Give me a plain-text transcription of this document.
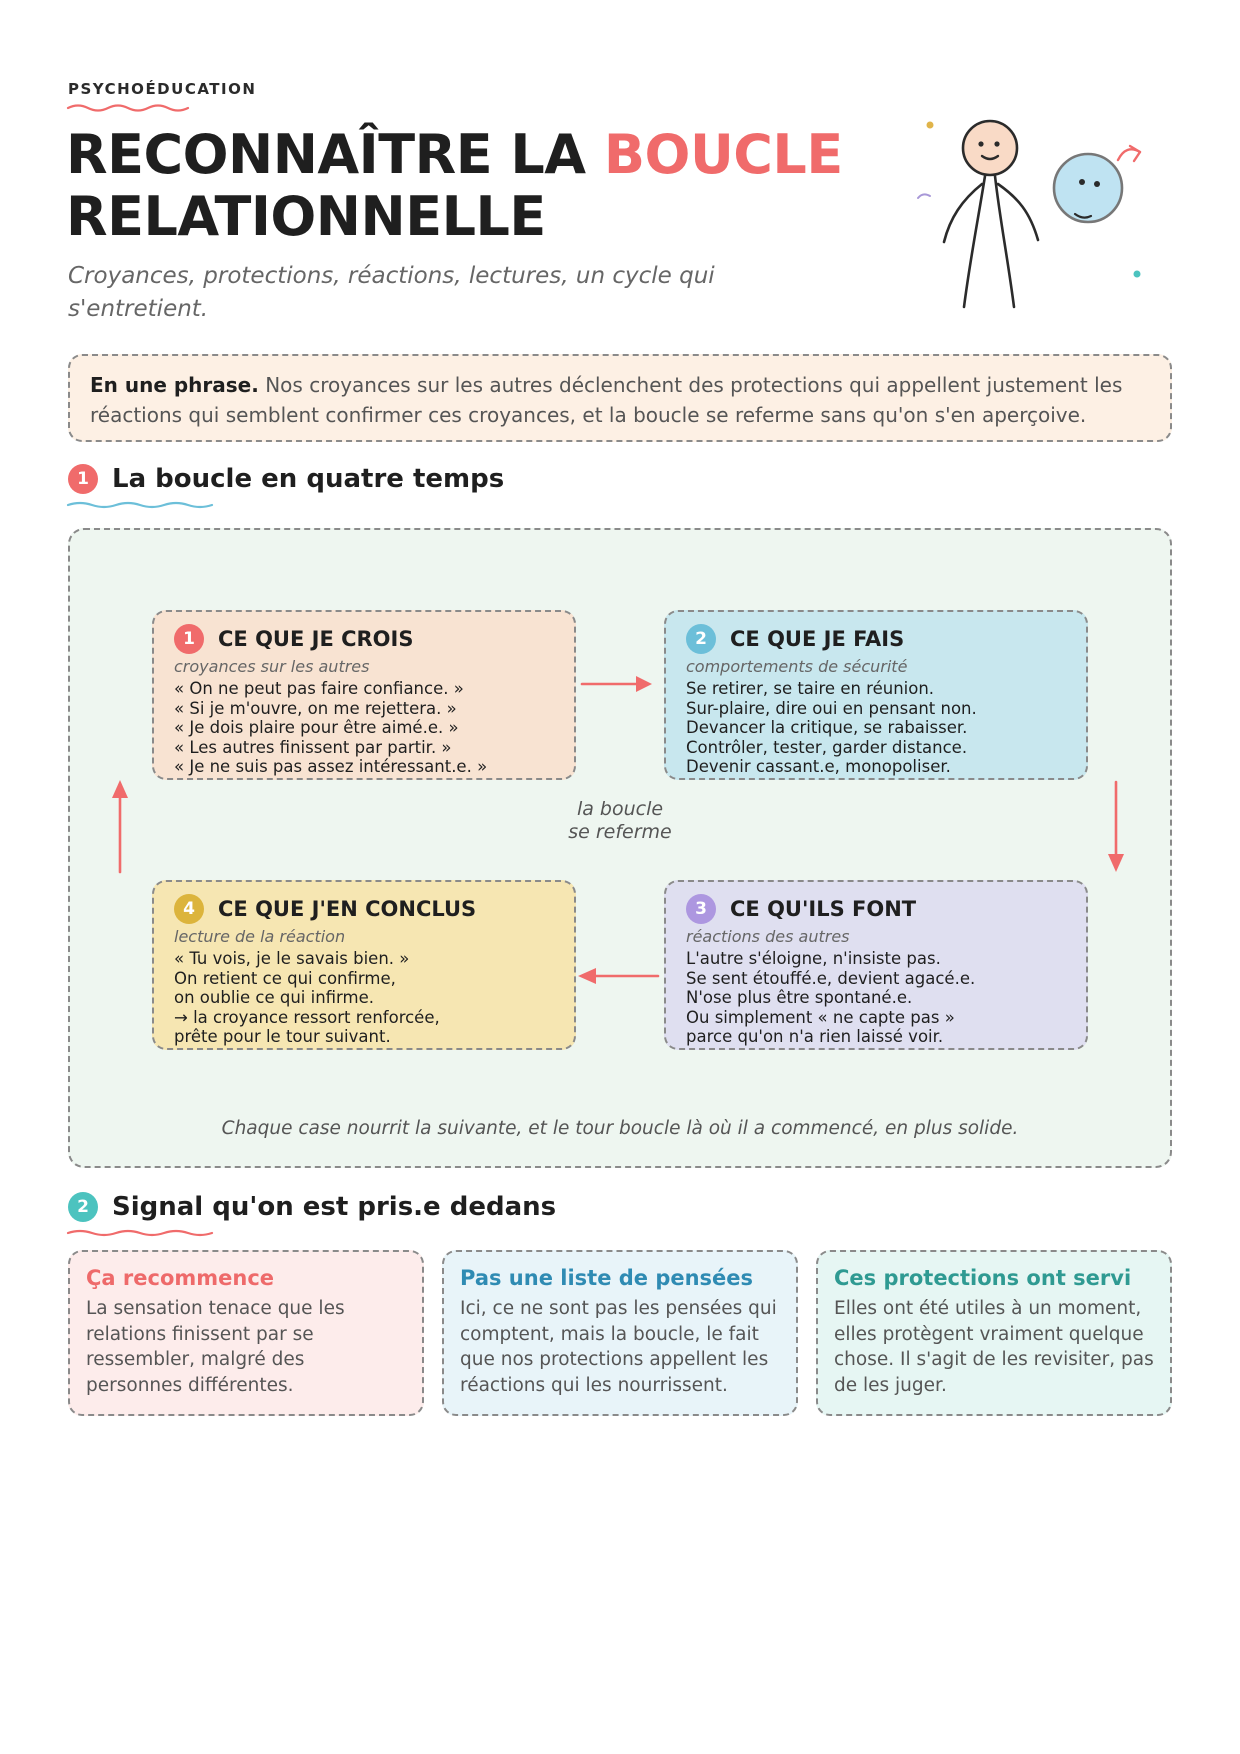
PSYCHOÉDUCATION
RECONNAÎTRE LA BOUCLE
RELATIONNELLE
Croyances, protections, réactions, lectures, un cycle qui s'entretient.
En une phrase. Nos croyances sur les autres déclenchent des protections qui appellent justement les réactions qui semblent confirmer ces croyances, et la boucle se referme sans qu'on s'en aperçoive.
1 La boucle en quatre temps
1	CE QUE JE CROIS
croyances sur les autres
« On ne peut pas faire confiance. »
« Si je m'ouvre, on me rejettera. »
« Je dois plaire pour être aimé.e. »
« Les autres finissent par partir. »
« Je ne suis pas assez intéressant.e. »
2	CE QUE JE FAIS
comportements de sécurité
Se retirer, se taire en réunion.
Sur-plaire, dire oui en pensant non.
Devancer la critique, se rabaisser.
Contrôler, tester, garder distance.
Devenir cassant.e, monopoliser.
3	CE QU'ILS FONT
réactions des autres
L'autre s'éloigne, n'insiste pas.
Se sent étouffé.e, devient agacé.e.
N'ose plus être spontané.e.
Ou simplement « ne capte pas »
parce qu'on n'a rien laissé voir.
4	CE QUE J'EN CONCLUS
lecture de la réaction
« Tu vois, je le savais bien. »
On retient ce qui confirme,
on oublie ce qui infirme.
→ la croyance ressort renforcée,
prête pour le tour suivant.
la boucle
se referme
Chaque case nourrit la suivante, et le tour boucle là où il a commencé, en plus solide.
2 Signal qu'on est pris.e dedans
Ça recommence
La sensation tenace que les relations finissent par se ressembler, malgré des personnes différentes.
Pas une liste de pensées
Ici, ce ne sont pas les pensées qui comptent, mais la boucle, le fait que nos protections appellent les réactions qui les nourrissent.
Ces protections ont servi
Elles ont été utiles à un moment, elles protègent vraiment quelque chose. Il s'agit de les revisiter, pas de les juger.
